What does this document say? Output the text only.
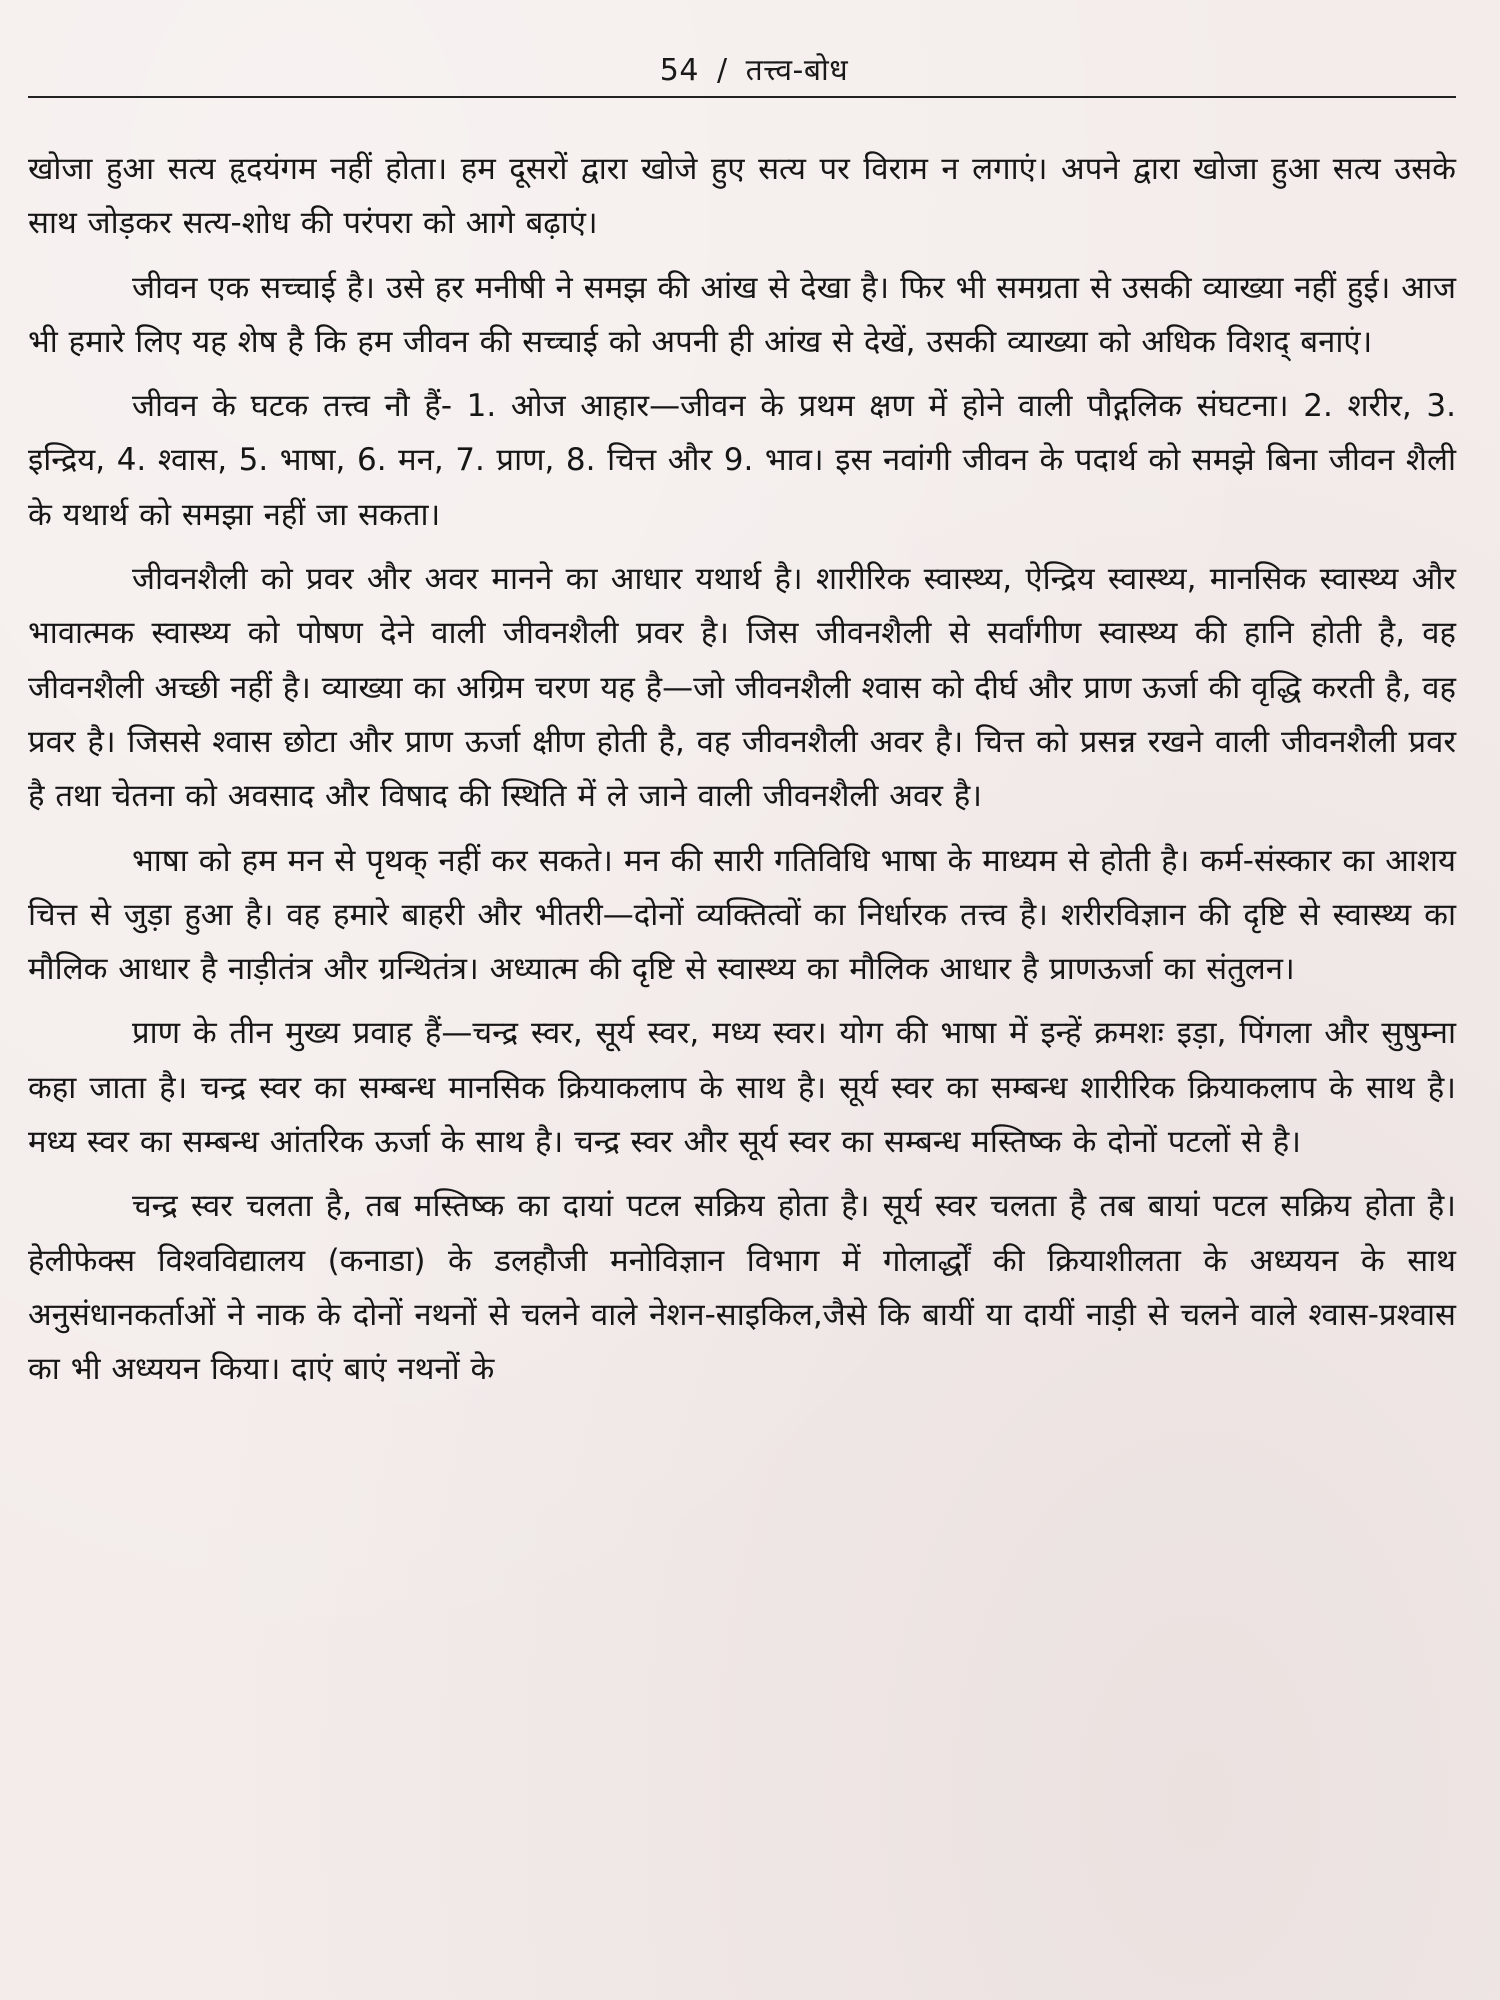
54 / तत्त्व-बोध

खोजा हुआ सत्य हृदयंगम नहीं होता। हम दूसरों द्वारा खोजे हुए सत्य पर विराम न लगाएं। अपने द्वारा खोजा हुआ सत्य उसके साथ जोड़कर सत्य-शोध की परंपरा को आगे बढ़ाएं।

जीवन एक सच्चाई है। उसे हर मनीषी ने समझ की आंख से देखा है। फिर भी समग्रता से उसकी व्याख्या नहीं हुई। आज भी हमारे लिए यह शेष है कि हम जीवन की सच्चाई को अपनी ही आंख से देखें, उसकी व्याख्या को अधिक विशद् बनाएं।

जीवन के घटक तत्त्व नौ हैं- 1. ओज आहार—जीवन के प्रथम क्षण में होने वाली पौद्गलिक संघटना। 2. शरीर, 3. इन्द्रिय, 4. श्वास, 5. भाषा, 6. मन, 7. प्राण, 8. चित्त और 9. भाव। इस नवांगी जीवन के पदार्थ को समझे बिना जीवन शैली के यथार्थ को समझा नहीं जा सकता।

जीवनशैली को प्रवर और अवर मानने का आधार यथार्थ है। शारीरिक स्वास्थ्य, ऐन्द्रिय स्वास्थ्य, मानसिक स्वास्थ्य और भावात्मक स्वास्थ्य को पोषण देने वाली जीवनशैली प्रवर है। जिस जीवनशैली से सर्वांगीण स्वास्थ्य की हानि होती है, वह जीवनशैली अच्छी नहीं है। व्याख्या का अग्रिम चरण यह है—जो जीवनशैली श्वास को दीर्घ और प्राण ऊर्जा की वृद्धि करती है, वह प्रवर है। जिससे श्वास छोटा और प्राण ऊर्जा क्षीण होती है, वह जीवनशैली अवर है। चित्त को प्रसन्न रखने वाली जीवनशैली प्रवर है तथा चेतना को अवसाद और विषाद की स्थिति में ले जाने वाली जीवनशैली अवर है।

भाषा को हम मन से पृथक् नहीं कर सकते। मन की सारी गतिविधि भाषा के माध्यम से होती है। कर्म-संस्कार का आशय चित्त से जुड़ा हुआ है। वह हमारे बाहरी और भीतरी—दोनों व्यक्तित्वों का निर्धारक तत्त्व है। शरीरविज्ञान की दृष्टि से स्वास्थ्य का मौलिक आधार है नाड़ीतंत्र और ग्रन्थितंत्र। अध्यात्म की दृष्टि से स्वास्थ्य का मौलिक आधार है प्राणऊर्जा का संतुलन।

प्राण के तीन मुख्य प्रवाह हैं—चन्द्र स्वर, सूर्य स्वर, मध्य स्वर। योग की भाषा में इन्हें क्रमशः इड़ा, पिंगला और सुषुम्ना कहा जाता है। चन्द्र स्वर का सम्बन्ध मानसिक क्रियाकलाप के साथ है। सूर्य स्वर का सम्बन्ध शारीरिक क्रियाकलाप के साथ है। मध्य स्वर का सम्बन्ध आंतरिक ऊर्जा के साथ है। चन्द्र स्वर और सूर्य स्वर का सम्बन्ध मस्तिष्क के दोनों पटलों से है।

चन्द्र स्वर चलता है, तब मस्तिष्क का दायां पटल सक्रिय होता है। सूर्य स्वर चलता है तब बायां पटल सक्रिय होता है। हेलीफेक्स विश्वविद्यालय (कनाडा) के डलहौजी मनोविज्ञान विभाग में गोलार्द्धों की क्रियाशीलता के अध्ययन के साथ अनुसंधानकर्ताओं ने नाक के दोनों नथनों से चलने वाले नेशन-साइकिल,जैसे कि बायीं या दायीं नाड़ी से चलने वाले श्वास-प्रश्वास का भी अध्ययन किया। दाएं बाएं नथनों के
